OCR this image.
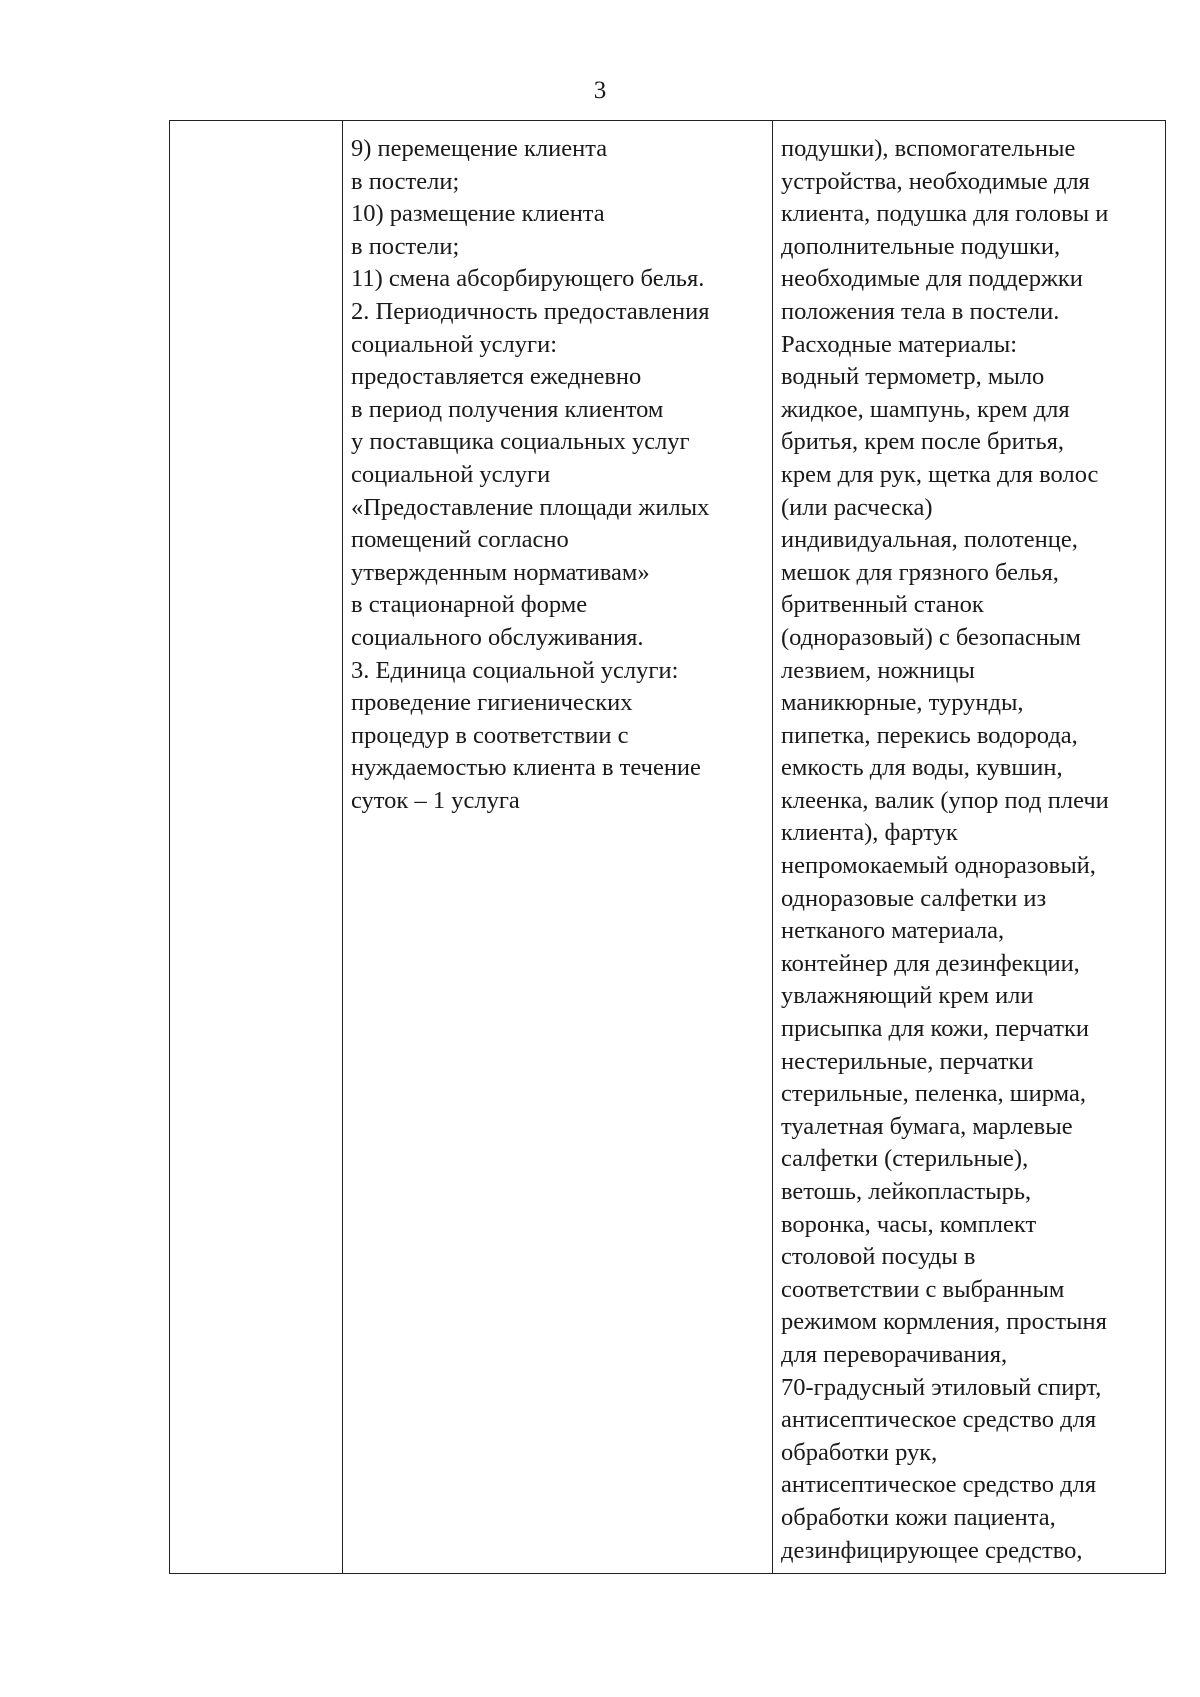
3
9) перемещение клиента
в постели;
10) размещение клиента
в постели;
11) смена абсорбирующего белья.
2. Периодичность предоставления
социальной услуги:
предоставляется ежедневно
в период получения клиентом
у поставщика социальных услуг
социальной услуги
«Предоставление площади жилых
помещений согласно
утвержденным нормативам»
в стационарной форме
социального обслуживания.
3. Единица социальной услуги:
проведение гигиенических
процедур в соответствии с
нуждаемостью клиента в течение
суток – 1 услуга
подушки), вспомогательные
устройства, необходимые для
клиента, подушка для головы и
дополнительные подушки,
необходимые для поддержки
положения тела в постели.
Расходные материалы:
водный термометр, мыло
жидкое, шампунь, крем для
бритья, крем после бритья,
крем для рук, щетка для волос
(или расческа)
индивидуальная, полотенце,
мешок для грязного белья,
бритвенный станок
(одноразовый) с безопасным
лезвием, ножницы
маникюрные, турунды,
пипетка, перекись водорода,
емкость для воды, кувшин,
клеенка, валик (упор под плечи
клиента), фартук
непромокаемый одноразовый,
одноразовые салфетки из
нетканого материала,
контейнер для дезинфекции,
увлажняющий крем или
присыпка для кожи, перчатки
нестерильные, перчатки
стерильные, пеленка, ширма,
туалетная бумага, марлевые
салфетки (стерильные),
ветошь, лейкопластырь,
воронка, часы, комплект
столовой посуды в
соответствии с выбранным
режимом кормления, простыня
для переворачивания,
70-градусный этиловый спирт,
антисептическое средство для
обработки рук,
антисептическое средство для
обработки кожи пациента,
дезинфицирующее средство,
